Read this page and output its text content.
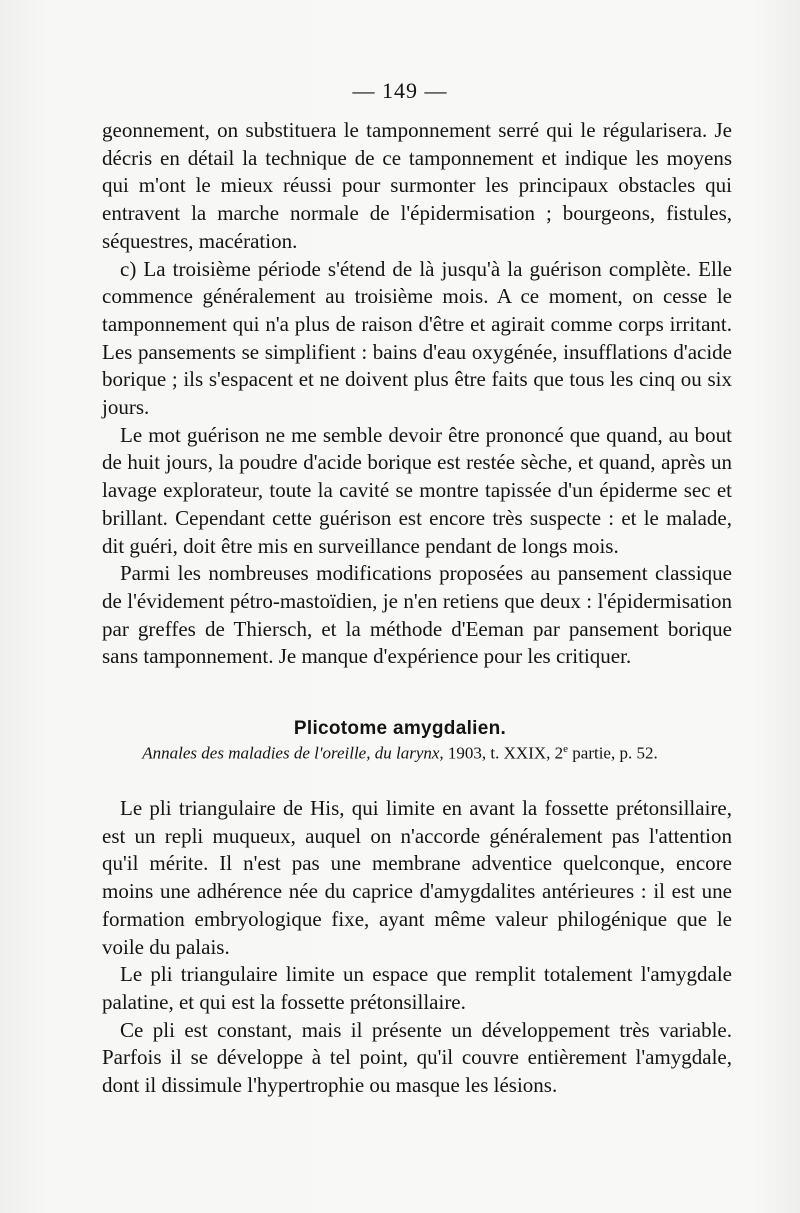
— 149 —

geonnement, on substituera le tamponnement serré qui le régularisera. Je décris en détail la technique de ce tamponnement et indique les moyens qui m'ont le mieux réussi pour surmonter les principaux obstacles qui entravent la marche normale de l'épidermisation ; bourgeons, fistules, séquestres, macération.

c) La troisième période s'étend de là jusqu'à la guérison complète. Elle commence généralement au troisième mois. A ce moment, on cesse le tamponnement qui n'a plus de raison d'être et agirait comme corps irritant. Les pansements se simplifient : bains d'eau oxygénée, insufflations d'acide borique ; ils s'espacent et ne doivent plus être faits que tous les cinq ou six jours.

Le mot guérison ne me semble devoir être prononcé que quand, au bout de huit jours, la poudre d'acide borique est restée sèche, et quand, après un lavage explorateur, toute la cavité se montre tapissée d'un épiderme sec et brillant. Cependant cette guérison est encore très suspecte : et le malade, dit guéri, doit être mis en surveillance pendant de longs mois.

Parmi les nombreuses modifications proposées au pansement classique de l'évidement pétro-mastoïdien, je n'en retiens que deux : l'épidermisation par greffes de Thiersch, et la méthode d'Eeman par pansement borique sans tamponnement. Je manque d'expérience pour les critiquer.

Plicotome amygdalien.
Annales des maladies de l'oreille, du larynx, 1903, t. XXIX, 2e partie, p. 52.

Le pli triangulaire de His, qui limite en avant la fossette prétonsillaire, est un repli muqueux, auquel on n'accorde généralement pas l'attention qu'il mérite. Il n'est pas une membrane adventice quelconque, encore moins une adhérence née du caprice d'amygdalites antérieures : il est une formation embryologique fixe, ayant même valeur philogénique que le voile du palais.

Le pli triangulaire limite un espace que remplit totalement l'amygdale palatine, et qui est la fossette prétonsillaire.

Ce pli est constant, mais il présente un développement très variable. Parfois il se développe à tel point, qu'il couvre entièrement l'amygdale, dont il dissimule l'hypertrophie ou masque les lésions.
